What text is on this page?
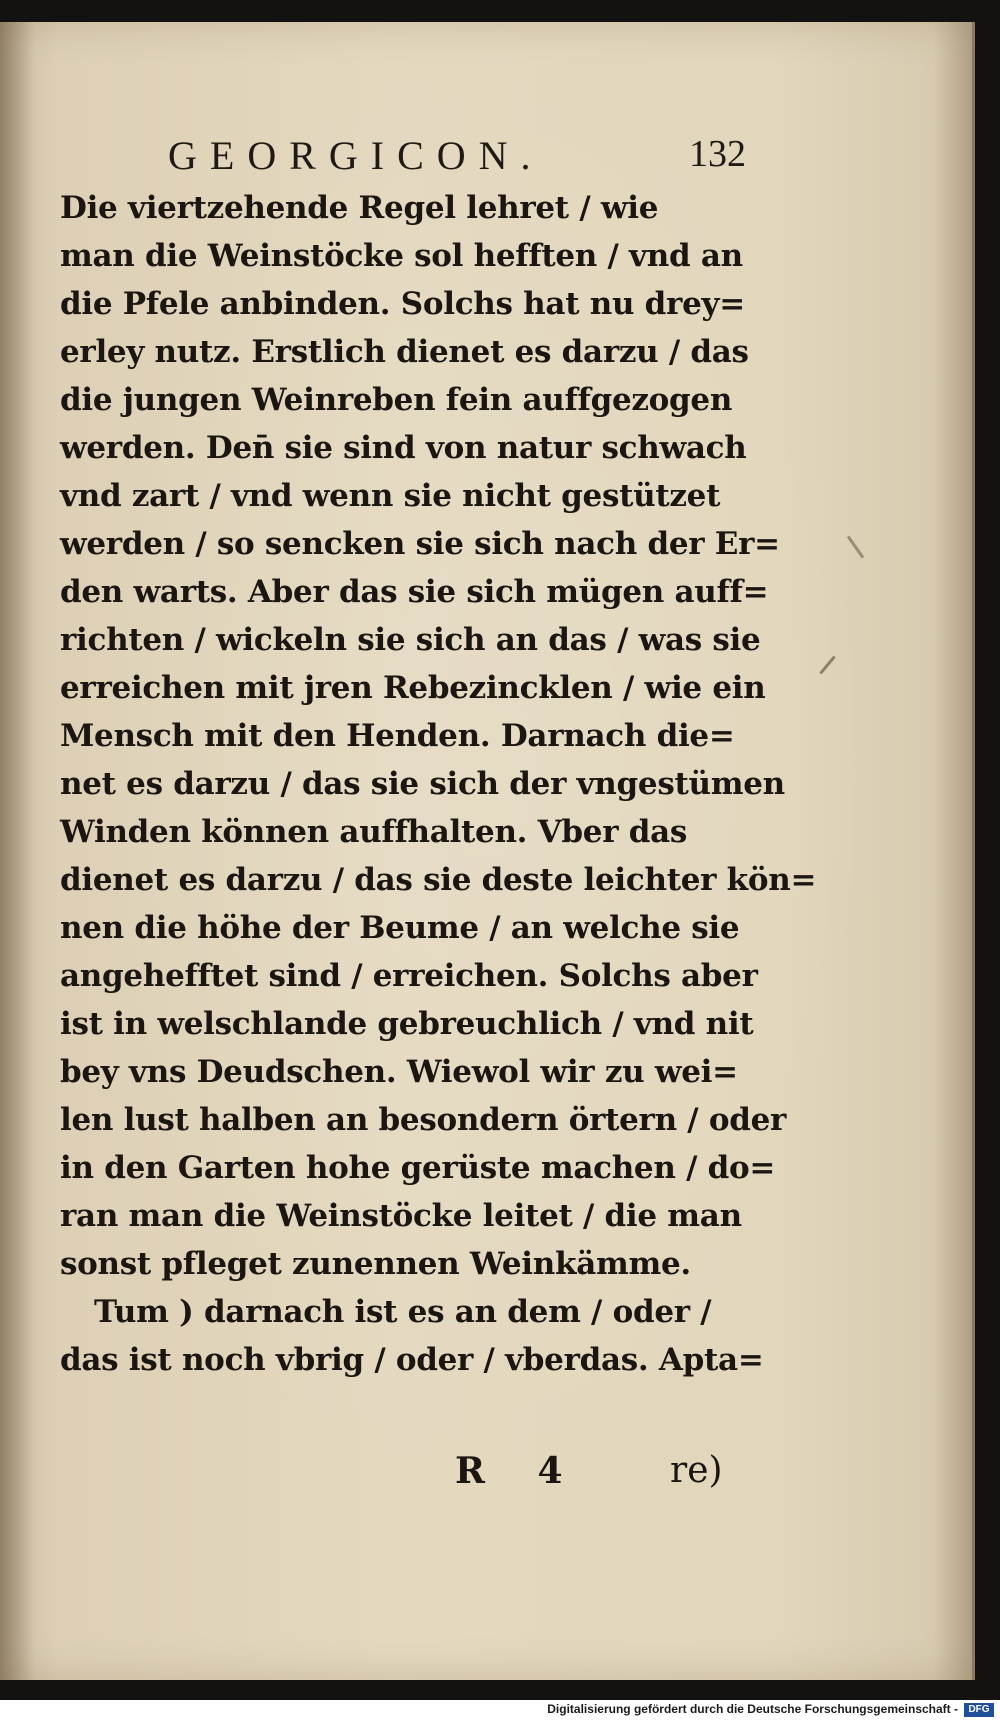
GEORGICON.	132
Die viertzehende Regel lehret / wie
man die Weinstöcke sol hefften / vnd an
die Pfele anbinden. Solchs hat nu drey=
erley nutz. Erstlich dienet es darzu / das
die jungen Weinreben fein auffgezogen
werden. Den̄ sie sind von natur schwach
vnd zart / vnd wenn sie nicht gestützet
werden / so sencken sie sich nach der Er=
den warts. Aber das sie sich mügen auff=
richten / wickeln sie sich an das / was sie
erreichen mit jren Rebezincklen / wie ein
Mensch mit den Henden. Darnach die=
net es darzu / das sie sich der vngestümen
Winden können auffhalten. Vber das
dienet es darzu / das sie deste leichter kön=
nen die höhe der Beume / an welche sie
angehefftet sind / erreichen. Solchs aber
ist in welschlande gebreuchlich / vnd nit
bey vns Deudschen. Wiewol wir zu wei=
len lust halben an besondern örtern / oder
in den Garten hohe gerüste machen / do=
ran man die Weinstöcke leitet / die man
sonst pfleget zunennen Weinkämme.
Tum ) darnach ist es an dem / oder /
das ist noch vbrig / oder / vberdas. Apta=
R 4 re)
Digitalisierung gefördert durch die Deutsche Forschungsgemeinschaft -	DFG
